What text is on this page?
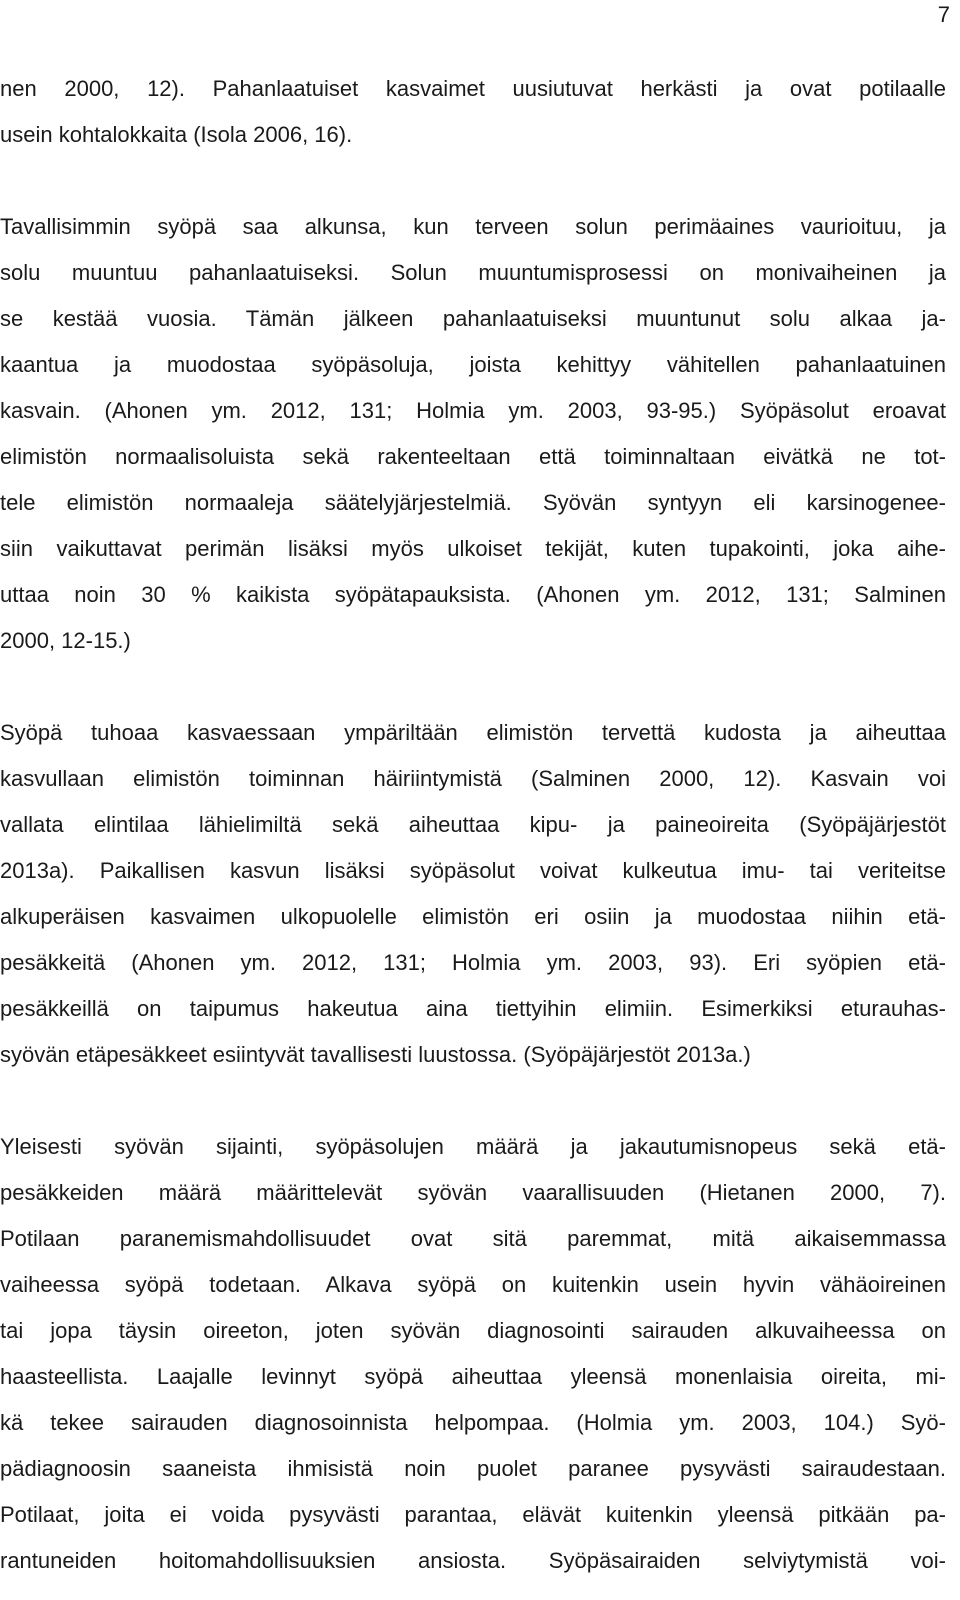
7
nen 2000, 12). Pahanlaatuiset kasvaimet uusiutuvat herkästi ja ovat potilaalle
usein kohtalokkaita (Isola 2006, 16).
Tavallisimmin syöpä saa alkunsa, kun terveen solun perimäaines vaurioituu, ja
solu muuntuu pahanlaatuiseksi. Solun muuntumisprosessi on monivaiheinen ja
se kestää vuosia. Tämän jälkeen pahanlaatuiseksi muuntunut solu alkaa ja-
kaantua ja muodostaa syöpäsoluja, joista kehittyy vähitellen pahanlaatuinen
kasvain. (Ahonen ym. 2012, 131; Holmia ym. 2003, 93-95.) Syöpäsolut eroavat
elimistön normaalisoluista sekä rakenteeltaan että toiminnaltaan eivätkä ne tot-
tele elimistön normaaleja säätelyjärjestelmiä. Syövän syntyyn eli karsinogenee-
siin vaikuttavat perimän lisäksi myös ulkoiset tekijät, kuten tupakointi, joka aihe-
uttaa noin 30 % kaikista syöpätapauksista. (Ahonen ym. 2012, 131; Salminen
2000, 12-15.)
Syöpä tuhoaa kasvaessaan ympäriltään elimistön tervettä kudosta ja aiheuttaa
kasvullaan elimistön toiminnan häiriintymistä (Salminen 2000, 12). Kasvain voi
vallata elintilaa lähielimiltä sekä aiheuttaa kipu- ja paineoireita (Syöpäjärjestöt
2013a). Paikallisen kasvun lisäksi syöpäsolut voivat kulkeutua imu- tai veriteitse
alkuperäisen kasvaimen ulkopuolelle elimistön eri osiin ja muodostaa niihin etä-
pesäkkeitä (Ahonen ym. 2012, 131; Holmia ym. 2003, 93). Eri syöpien etä-
pesäkkeillä on taipumus hakeutua aina tiettyihin elimiin. Esimerkiksi eturauhas-
syövän etäpesäkkeet esiintyvät tavallisesti luustossa. (Syöpäjärjestöt 2013a.)
Yleisesti syövän sijainti, syöpäsolujen määrä ja jakautumisnopeus sekä etä-
pesäkkeiden määrä määrittelevät syövän vaarallisuuden (Hietanen 2000, 7).
Potilaan paranemismahdollisuudet ovat sitä paremmat, mitä aikaisemmassa
vaiheessa syöpä todetaan. Alkava syöpä on kuitenkin usein hyvin vähäoireinen
tai jopa täysin oireeton, joten syövän diagnosointi sairauden alkuvaiheessa on
haasteellista. Laajalle levinnyt syöpä aiheuttaa yleensä monenlaisia oireita, mi-
kä tekee sairauden diagnosoinnista helpompaa. (Holmia ym. 2003, 104.) Syö-
pädiagnoosin saaneista ihmisistä noin puolet paranee pysyvästi sairaudestaan.
Potilaat, joita ei voida pysyvästi parantaa, elävät kuitenkin yleensä pitkään pa-
rantuneiden hoitomahdollisuuksien ansiosta. Syöpäsairaiden selviytymistä voi-
